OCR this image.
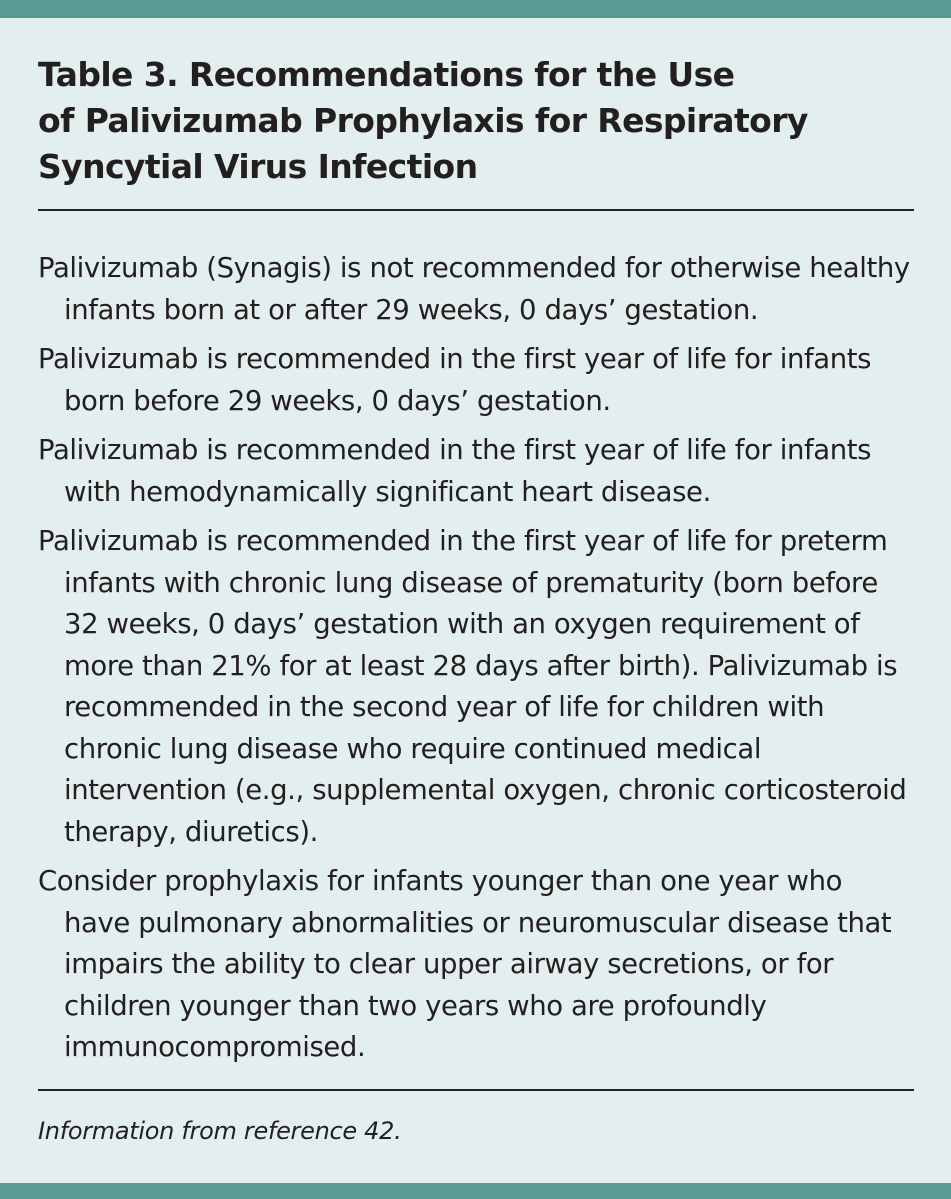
Table 3. Recommendations for the Use
of Palivizumab Prophylaxis for Respiratory
Syncytial Virus Infection
Palivizumab (Synagis) is not recommended for otherwise healthy infants born at or after 29 weeks, 0 days’ gestation.
Palivizumab is recommended in the first year of life for infants born before 29 weeks, 0 days’ gestation.
Palivizumab is recommended in the first year of life for infants with hemodynamically significant heart disease.
Palivizumab is recommended in the first year of life for preterm infants with chronic lung disease of prematurity (born before 32 weeks, 0 days’ gestation with an oxygen requirement of more than 21% for at least 28 days after birth). Palivizumab is recommended in the second year of life for children with chronic lung disease who require continued medical intervention (e.g., supplemental oxygen, chronic corticosteroid therapy, diuretics).
Consider prophylaxis for infants younger than one year who have pulmonary abnormalities or neuromuscular disease that impairs the ability to clear upper airway secretions, or for children younger than two years who are profoundly immunocompromised.
Information from reference 42.
